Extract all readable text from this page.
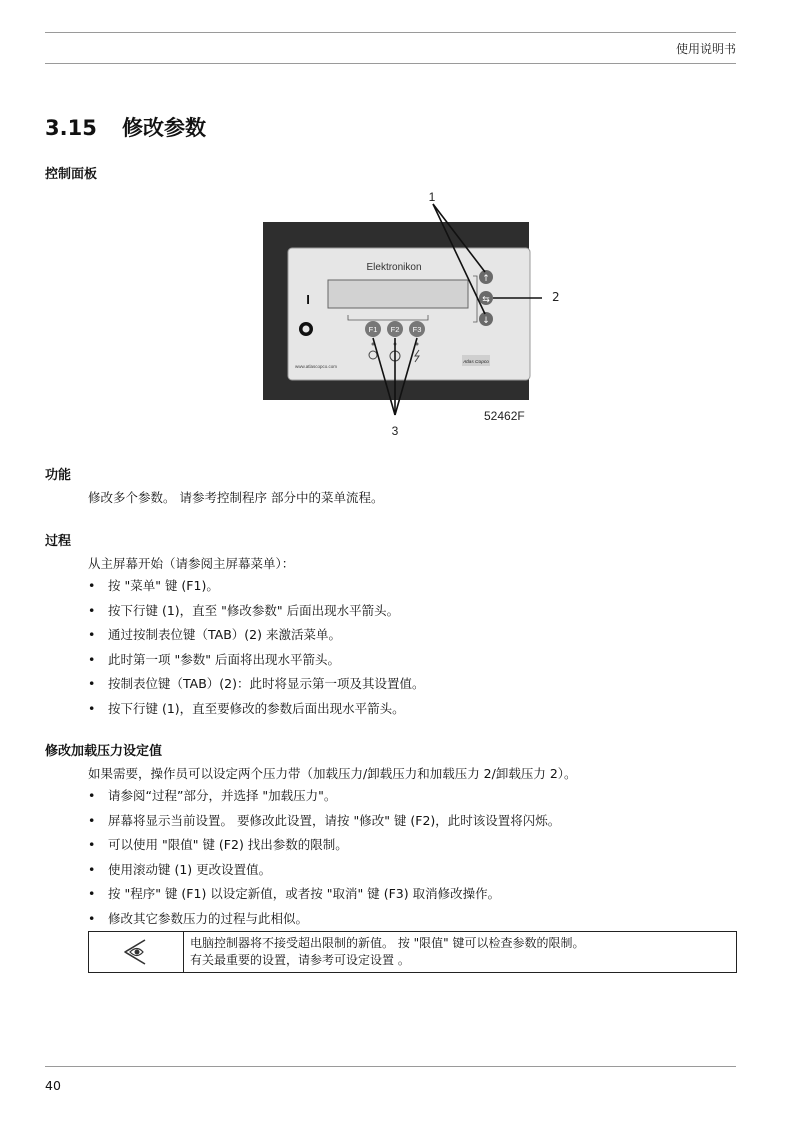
使用说明书
3.15 修改参数
控制面板
Elektronikon
I
↑
⇆
↓
F1 F2 F3
www.atlascopco.com
Atlas Copco
1
3
52462F
2
功能
修改多个参数。 请参考控制程序 部分中的菜单流程。
过程
从主屏幕开始（请参阅主屏幕菜单）：
• 按 "菜单" 键 (F1)。
• 按下行键 (1)，直至 "修改参数" 后面出现水平箭头。
• 通过按制表位键（TAB）(2) 来激活菜单。
• 此时第一项 "参数" 后面将出现水平箭头。
• 按制表位键（TAB）(2)：此时将显示第一项及其设置值。
• 按下行键 (1)，直至要修改的参数后面出现水平箭头。
修改加载压力设定值
如果需要，操作员可以设定两个压力带（加载压力/卸载压力和加载压力 2/卸载压力 2）。
• 请参阅“过程”部分，并选择 "加载压力"。
• 屏幕将显示当前设置。 要修改此设置，请按 "修改" 键 (F2)，此时该设置将闪烁。
• 可以使用 "限值" 键 (F2) 找出参数的限制。
• 使用滚动键 (1) 更改设置值。
• 按 "程序" 键 (F1) 以设定新值，或者按 "取消" 键 (F3) 取消修改操作。
• 修改其它参数压力的过程与此相似。
电脑控制器将不接受超出限制的新值。 按 "限值" 键可以检查参数的限制。
有关最重要的设置，请参考可设定设置 。
40
